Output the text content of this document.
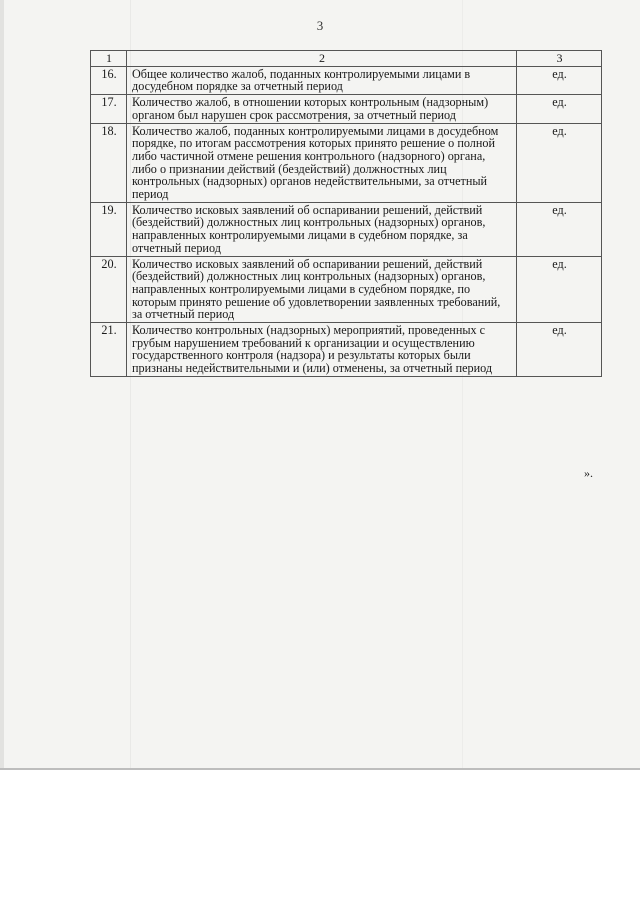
3
1	2	3
16.	Общее количество жалоб, поданных контролируемыми лицами в досудебном порядке за отчетный период	ед.
17.	Количество жалоб, в отношении которых контрольным (надзорным) органом был нарушен срок рассмотрения, за отчетный период	ед.
18.	Количество жалоб, поданных контролируемыми лицами в досудебном порядке, по итогам рассмотрения которых принято решение о полной либо частичной отмене решения контрольного (надзорного) органа, либо о признании действий (бездействий) должностных лиц контрольных (надзорных) органов недействительными, за отчетный период	ед.
19.	Количество исковых заявлений об оспаривании решений, действий (бездействий) должностных лиц контрольных (надзорных) органов, направленных контролируемыми лицами в судебном порядке, за отчетный период	ед.
20.	Количество исковых заявлений об оспаривании решений, действий (бездействий) должностных лиц контрольных (надзорных) органов, направленных контролируемыми лицами в судебном порядке, по которым принято решение об удовлетворении заявленных требований, за отчетный период	ед.
21.	Количество контрольных (надзорных) мероприятий, проведенных с грубым нарушением требований к организации и осуществлению государственного контроля (надзора) и результаты которых были признаны недействительными и (или) отменены, за отчетный период	ед.
».
